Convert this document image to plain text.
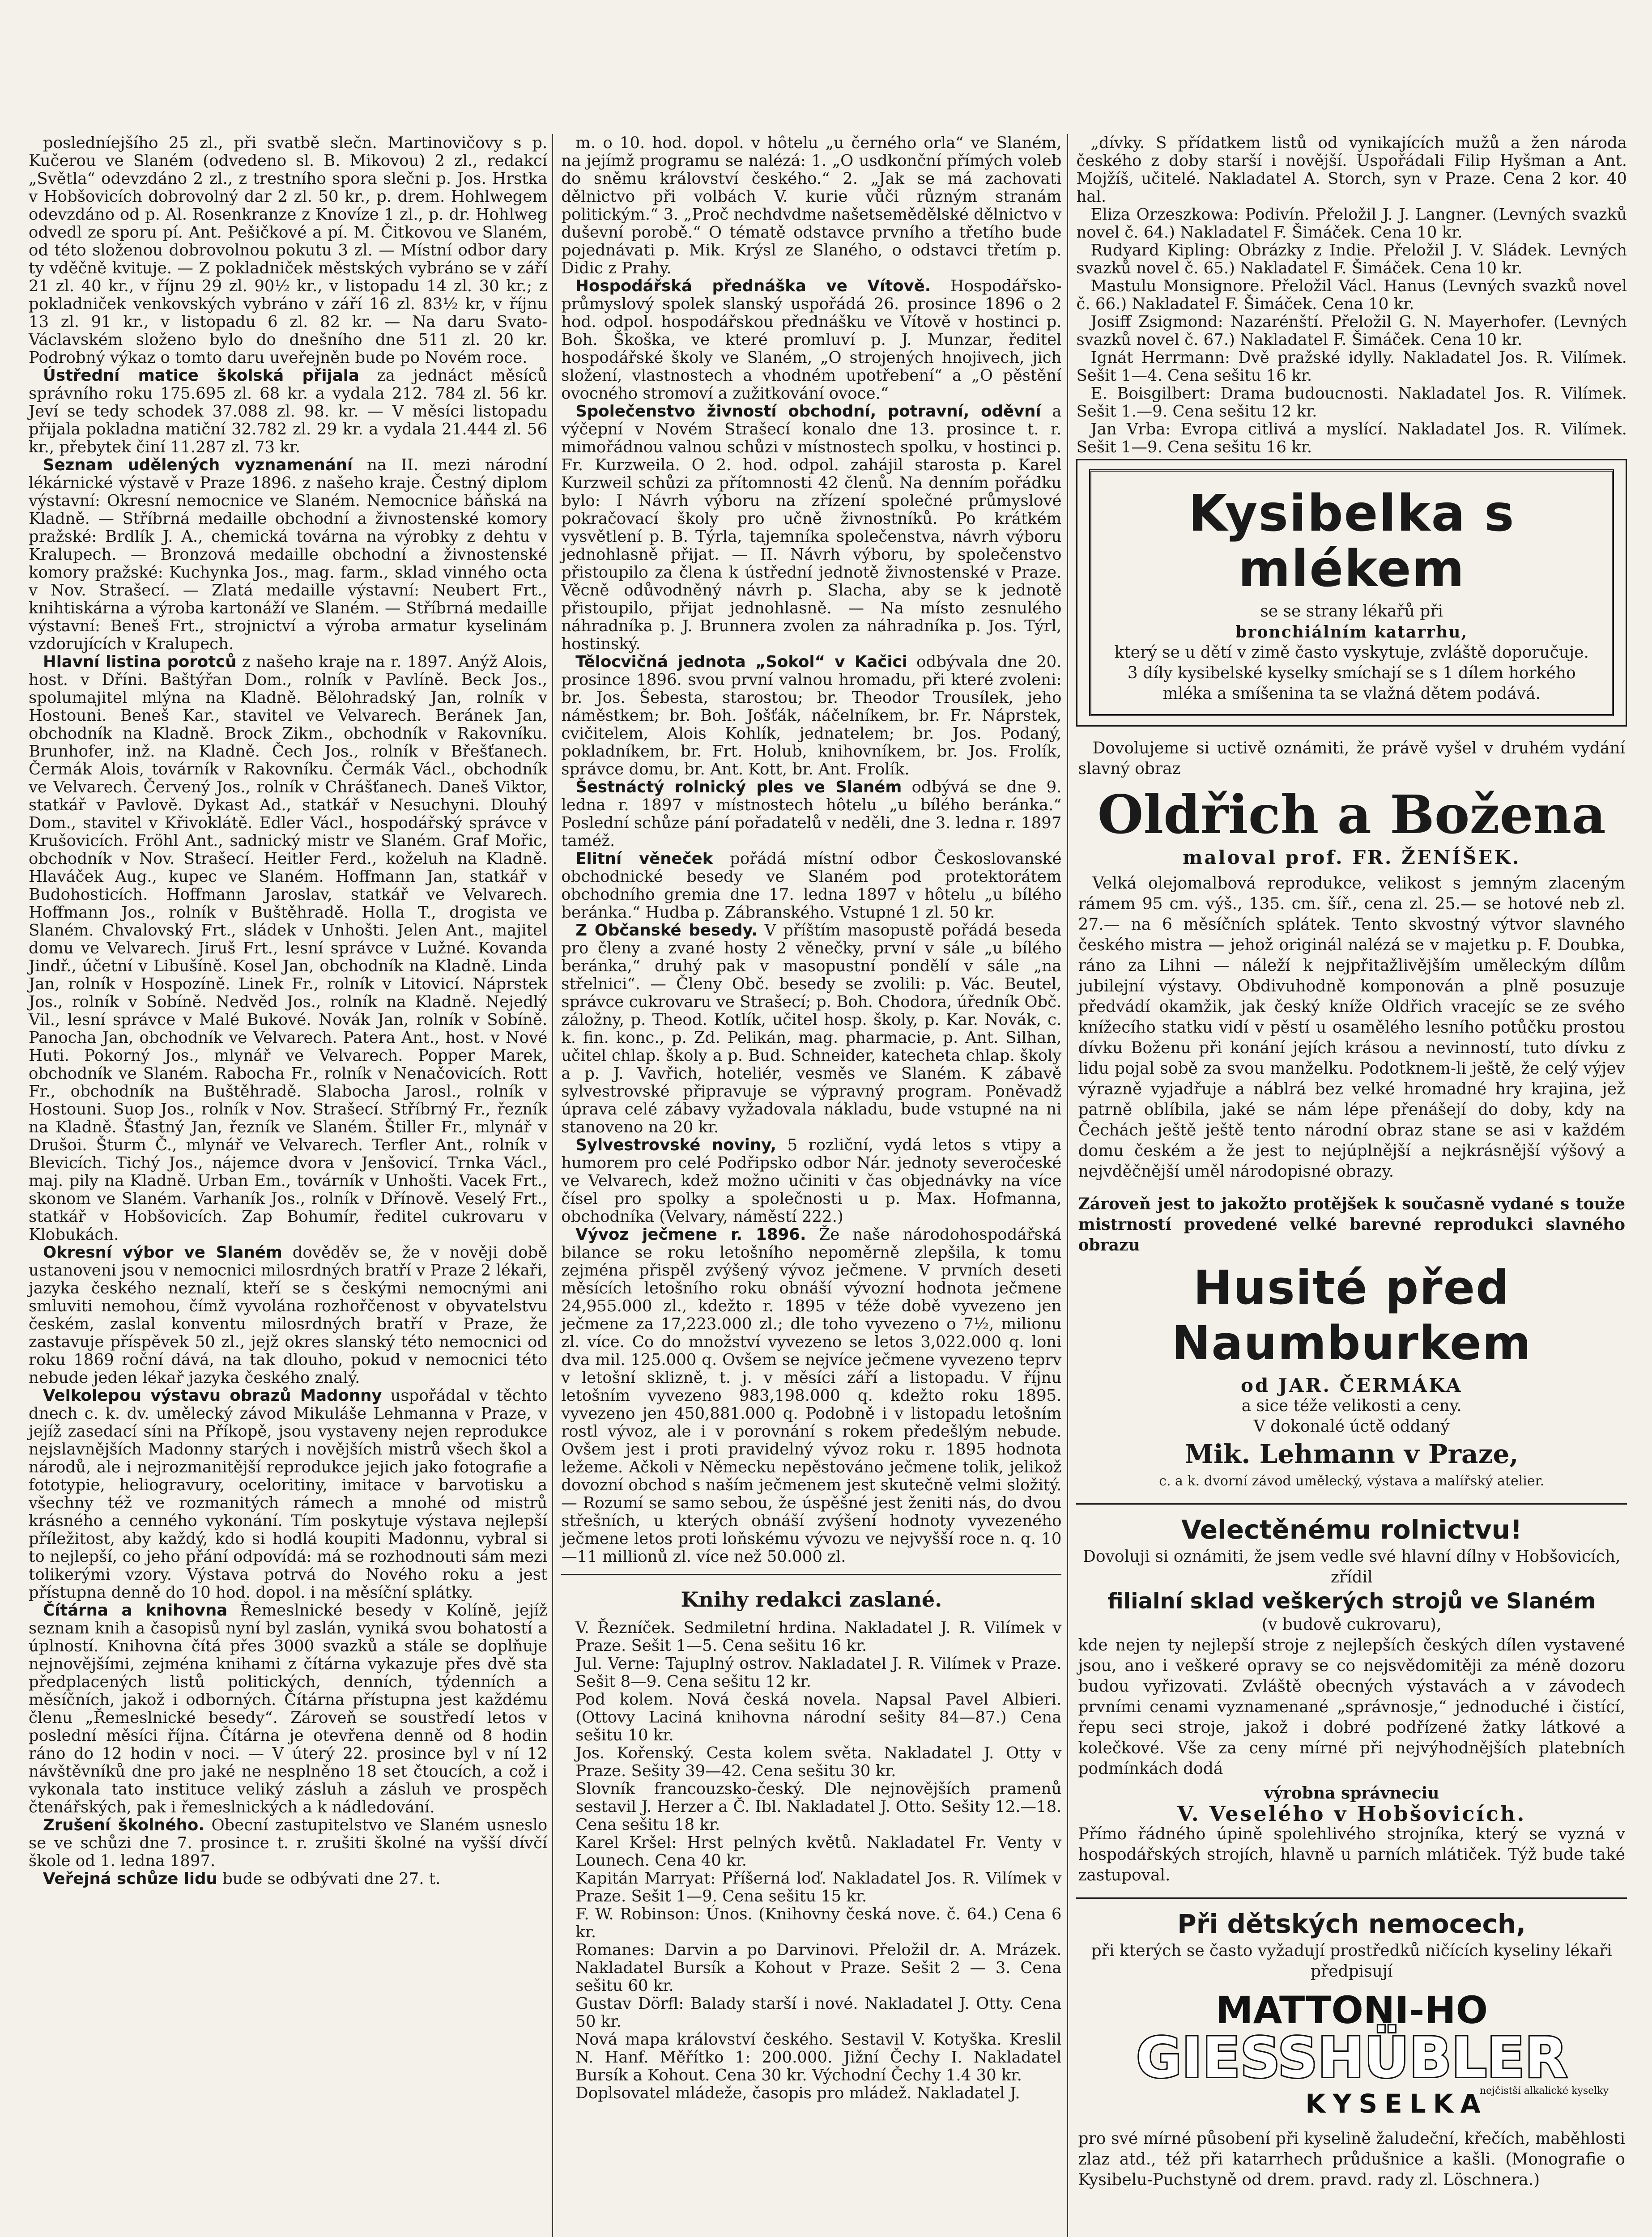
posledníejšího 25 zl., při svatbě slečn. Martinovičovy s p. Kučerou ve Slaném (odvedeno sl. B. Mikovou) 2 zl., redakcí „Světla“ odevzdáno 2 zl., z trestního spora slečni p. Jos. Hrstka v Hobšovicích dobrovolný dar 2 zl. 50 kr., p. drem. Hohlwegem odevzdáno od p. Al. Rosenkranze z Knovíze 1 zl., p. dr. Hohlweg odvedl ze sporu pí. Ant. Pešičkové a pí. M. Čitkovou ve Slaném, od této složenou dobrovolnou pokutu 3 zl. — Místní odbor dary ty vděčně kvituje. — Z pokladniček městských vybráno se v září 21 zl. 40 kr., v říjnu 29 zl. 90½ kr., v listopadu 14 zl. 30 kr.; z pokladniček venkovských vybráno v září 16 zl. 83½ kr, v říjnu 13 zl. 91 kr., v listopadu 6 zl. 82 kr. — Na daru Svato-Václavském složeno bylo do dnešního dne 511 zl. 20 kr. Podrobný výkaz o tomto daru uveřejněn bude po Novém roce.

Ústřední matice školská přijala za jednáct měsíců správního roku 175.695 zl. 68 kr. a vydala 212. 784 zl. 56 kr. Jeví se tedy schodek 37.088 zl. 98. kr. — V měsíci listopadu přijala pokladna matiční 32.782 zl. 29 kr. a vydala 21.444 zl. 56 kr., přebytek činí 11.287 zl. 73 kr.

Seznam udělených vyznamenání na II. mezi národní lékárnické výstavě v Praze 1896. z našeho kraje. Čestný diplom výstavní: Okresní nemocnice ve Slaném. Nemocnice báňská na Kladně. — Stříbrná medaille obchodní a živnostenské komory pražské: Brdlík J. A., chemická továrna na výrobky z dehtu v Kralupech. — Bronzová medaille obchodní a živnostenské komory pražské: Kuchynka Jos., mag. farm., sklad vinného octa v Nov. Strašecí. — Zlatá medaille výstavní: Neubert Frt., knihtiskárna a výroba kartonáží ve Slaném. — Stříbrná medaille výstavní: Beneš Frt., strojnictví a výroba armatur kyselinám vzdorujících v Kralupech.

Hlavní listina porotců z našeho kraje na r. 1897. Anýž Alois, host. v Dříni. Baštýřan Dom., rolník v Pavlíně. Beck Jos., spolumajitel mlýna na Kladně. Bělohradský Jan, rolník v Hostouni. Beneš Kar., stavitel ve Velvarech. Beránek Jan, obchodník na Kladně. Brock Zikm., obchodník v Rakovníku. Brunhofer, inž. na Kladně. Čech Jos., rolník v Břešťanech. Čermák Alois, továrník v Rakovníku. Čermák Václ., obchodník ve Velvarech. Červený Jos., rolník v Chrášťanech. Daneš Viktor, statkář v Pavlově. Dykast Ad., statkář v Nesuchyni. Dlouhý Dom., stavitel v Křivoklátě. Edler Václ., hospodářský správce v Krušovicích. Fröhl Ant., sadnický mistr ve Slaném. Graf Mořic, obchodník v Nov. Strašecí. Heitler Ferd., koželuh na Kladně. Hlaváček Aug., kupec ve Slaném. Hoffmann Jan, statkář v Budohosticích. Hoffmann Jaroslav, statkář ve Velvarech. Hoffmann Jos., rolník v Buštěhradě. Holla T., drogista ve Slaném. Chvalovský Frt., sládek v Unhošti. Jelen Ant., majitel domu ve Velvarech. Jiruš Frt., lesní správce v Lužné. Kovanda Jindř., účetní v Libušíně. Kosel Jan, obchodník na Kladně. Linda Jan, rolník v Hospozíně. Linek Fr., rolník v Litovicí. Náprstek Jos., rolník v Sobíně. Nedvěd Jos., rolník na Kladně. Nejedlý Vil., lesní správce v Malé Bukové. Novák Jan, rolník v Sobíně. Panocha Jan, obchodník ve Velvarech. Patera Ant., host. v Nové Huti. Pokorný Jos., mlynář ve Velvarech. Popper Marek, obchodník ve Slaném. Rabocha Fr., rolník v Nenačovicích. Rott Fr., obchodník na Buštěhradě. Slabocha Jarosl., rolník v Hostouni. Suop Jos., rolník v Nov. Strašecí. Stříbrný Fr., řezník na Kladně. Šťastný Jan, řezník ve Slaném. Štiller Fr., mlynář v Drušoi. Šturm Č., mlynář ve Velvarech. Terfler Ant., rolník v Blevicích. Tichý Jos., nájemce dvora v Jenšovicí. Trnka Václ., maj. pily na Kladně. Urban Em., továrník v Unhošti. Vacek Frt., skonom ve Slaném. Varhaník Jos., rolník v Dřínově. Veselý Frt., statkář v Hobšovicích. Zap Bohumír, ředitel cukrovaru v Klobukách.

Okresní výbor ve Slaném dověděv se, že v nověji době ustanoveni jsou v nemocnici milosrdných bratří v Praze 2 lékaři, jazyka českého neznalí, kteří se s českými nemocnými ani smluviti nemohou, čímž vyvolána rozhořčenost v obyvatelstvu českém, zaslal konventu milosrdných bratří v Praze, že zastavuje příspěvek 50 zl., jejž okres slanský této nemocnici od roku 1869 roční dává, na tak dlouho, pokud v nemocnici této nebude jeden lékař jazyka českého znalý.

Velkolepou výstavu obrazů Madonny uspořádal v těchto dnech c. k. dv. umělecký závod Mikuláše Lehmanna v Praze, v jejíž zasedací síni na Příkopě, jsou vystaveny nejen reprodukce nejslavnějších Madonny starých i novějších mistrů všech škol a národů, ale i nejrozmanitější reprodukce jejich jako fotografie a fototypie, heliogravury, oceloritiny, imitace v barvotisku a všechny též ve rozmanitých rámech a mnohé od mistrů krásného a cenného vykonání. Tím poskytuje výstava nejlepší příležitost, aby každý, kdo si hodlá koupiti Madonnu, vybral si to nejlepší, co jeho přání odpovídá: má se rozhodnouti sám mezi tolikerými vzory. Výstava potrvá do Nového roku a jest přístupna denně do 10 hod. dopol. i na měsíční splátky.

Čítárna a knihovna Řemeslnické besedy v Kolíně, jejíž seznam knih a časopisů nyní byl zaslán, vyniká svou bohatostí a úplností. Knihovna čítá přes 3000 svazků a stále se doplňuje nejnovějšími, zejména knihami z čítárna vykazuje přes dvě sta předplacených listů politických, denních, týdenních a měsíčních, jakož i odborných. Čítárna přístupna jest každému členu „Řemeslnické besedy“. Zároveň se soustředí letos v poslední měsíci října. Čítárna je otevřena denně od 8 hodin ráno do 12 hodin v noci. — V úterý 22. prosince byl v ní 12 návštěvníků dne pro jaké ne nesplněno 18 set čtoucích, a což i vykonala tato instituce veliký zásluh a zásluh ve prospěch čtenářských, pak i řemeslnických a k nádledování.

Zrušení školného. Obecní zastupitelstvo ve Slaném usneslo se ve schůzi dne 7. prosince t. r. zrušiti školné na vyšší dívčí škole od 1. ledna 1897.

Veřejná schůze lidu bude se odbývati dne 27. t.

m. o 10. hod. dopol. v hôtelu „u černého orla“ ve Slaném, na jejímž programu se nalézá: 1. „O usdkonční přímých voleb do sněmu království českého.“ 2. „Jak se má zachovati dělnictvo při volbách V. kurie vůči různým stranám politickým.“ 3. „Proč nechdvdme našetsemědělské dělnictvo v duševní porobě.“ O tématě odstavce prvního a třetího bude pojednávati p. Mik. Krýsl ze Slaného, o odstavci třetím p. Didic z Prahy.

Hospodářská přednáška ve Vítově. Hospodářsko-průmyslový spolek slanský uspořádá 26. prosince 1896 o 2 hod. odpol. hospodářskou přednášku ve Vítově v hostinci p. Boh. Škoška, ve které promluví p. J. Munzar, ředitel hospodářské školy ve Slaném, „O strojených hnojivech, jich složení, vlastnostech a vhodném upotřebení“ a „O pěstění ovocného stromoví a zužitkování ovoce.“

Společenstvo živností obchodní, potravní, oděvní a výčepní v Novém Strašecí konalo dne 13. prosince t. r. mimořádnou valnou schůzi v místnostech spolku, v hostinci p. Fr. Kurzweila. O 2. hod. odpol. zahájil starosta p. Karel Kurzweil schůzi za přítomnosti 42 členů. Na denním pořádku bylo: I Návrh výboru na zřízení společné průmyslové pokračovací školy pro učně živnostníků. Po krátkém vysvětlení p. B. Týrla, tajemníka společenstva, návrh výboru jednohlasně přijat. — II. Návrh výboru, by společenstvo přistoupilo za člena k ústřední jednotě živnostenské v Praze. Věcně odůvodněný návrh p. Slacha, aby se k jednotě přistoupilo, přijat jednohlasně. — Na místo zesnulého náhradníka p. J. Brunnera zvolen za náhradníka p. Jos. Týrl, hostinský.

Tělocvičná jednota „Sokol“ v Kačici odbývala dne 20. prosince 1896. svou první valnou hromadu, při které zvoleni: br. Jos. Šebesta, starostou; br. Theodor Trousílek, jeho náměstkem; br. Boh. Jošťák, náčelníkem, br. Fr. Náprstek, cvičitelem, Alois Kohlík, jednatelem; br. Jos. Podaný, pokladníkem, br. Frt. Holub, knihovníkem, br. Jos. Frolík, správce domu, br. Ant. Kott, br. Ant. Frolík.

Šestnáctý rolnický ples ve Slaném odbývá se dne 9. ledna r. 1897 v místnostech hôtelu „u bílého beránka.“ Poslední schůze pání pořadatelů v neděli, dne 3. ledna r. 1897 taméž.

Elitní věneček pořádá místní odbor Českoslovanské obchodnické besedy ve Slaném pod protektorátem obchodního gremia dne 17. ledna 1897 v hôtelu „u bílého beránka.“ Hudba p. Zábranského. Vstupné 1 zl. 50 kr.

Z Občanské besedy. V příštím masopustě pořádá beseda pro členy a zvané hosty 2 věnečky, první v sále „u bílého beránka,“ druhý pak v masopustní pondělí v sále „na střelnici“. — Členy Obč. besedy se zvolili: p. Vác. Beutel, správce cukrovaru ve Strašecí; p. Boh. Chodora, úředník Obč. záložny, p. Theod. Kotlík, učitel hosp. školy, p. Kar. Novák, c. k. fin. konc., p. Zd. Pelikán, mag. pharmacie, p. Ant. Silhan, učitel chlap. školy a p. Bud. Schneider, katecheta chlap. školy a p. J. Vavřich, hoteliér, vesměs ve Slaném. K zábavě sylvestrovské připravuje se výpravný program. Poněvadž úprava celé zábavy vyžadovala nákladu, bude vstupné na ni stanoveno na 20 kr.

Sylvestrovské noviny, 5 rozliční, vydá letos s vtipy a humorem pro celé Podřipsko odbor Nár. jednoty severočeské ve Velvarech, kdež možno učiniti v čas objednávky na více čísel pro spolky a společnosti u p. Max. Hofmanna, obchodníka (Velvary, náměstí 222.)

Vývoz ječmene r. 1896. Že naše národohospodářská bilance se roku letošního nepoměrně zlepšila, k tomu zejména přispěl zvýšený vývoz ječmene. V prvních deseti měsících letošního roku obnáší vývozní hodnota ječmene 24,955.000 zl., kdežto r. 1895 v téže době vyvezeno jen ječmene za 17,223.000 zl.; dle toho vyvezeno o 7½, milionu zl. více. Co do množství vyvezeno se letos 3,022.000 q. loni dva mil. 125.000 q. Ovšem se nejvíce ječmene vyvezeno teprv v letošní sklizně, t. j. v měsíci září a listopadu. V říjnu letošním vyvezeno 983,198.000 q. kdežto roku 1895. vyvezeno jen 450,881.000 q. Podobně i v listopadu letošním rostl vývoz, ale i v porovnání s rokem předešlým nebude. Ovšem jest i proti pravidelný vývoz roku r. 1895 hodnota ležeme. Ačkoli v Německu nepěstováno ječmene tolik, jelikož dovozní obchod s naším ječmenem jest skutečně velmi složitý. — Rozumí se samo sebou, že úspěšné jest ženiti nás, do dvou střešních, u kterých obnáší zvýšení hodnoty vyvezeného ječmene letos proti loňskému vývozu ve nejvyšší roce n. q. 10—11 millionů zl. více než 50.000 zl.

Knihy redakci zaslané.

V. Řezníček. Sedmiletní hrdina. Nakladatel J. R. Vilímek v Praze. Sešit 1—5. Cena sešitu 16 kr.

Jul. Verne: Tajuplný ostrov. Nakladatel J. R. Vilímek v Praze. Sešit 8—9. Cena sešitu 12 kr.

Pod kolem. Nová česká novela. Napsal Pavel Albieri. (Ottovy Laciná knihovna národní sešity 84—87.) Cena sešitu 10 kr.

Jos. Kořenský. Cesta kolem světa. Nakladatel J. Otty v Praze. Sešity 39—42. Cena sešitu 30 kr.

Slovník francouzsko-český. Dle nejnovějších pramenů sestavil J. Herzer a Č. Ibl. Nakladatel J. Otto. Sešity 12.—18. Cena sešitu 18 kr.

Karel Kršel: Hrst pelných květů. Nakladatel Fr. Venty v Lounech. Cena 40 kr.

Kapitán Marryat: Příšerná loď. Nakladatel Jos. R. Vilímek v Praze. Sešit 1—9. Cena sešitu 15 kr.

F. W. Robinson: Únos. (Knihovny česká nove. č. 64.) Cena 6 kr.

Romanes: Darvin a po Darvinovi. Přeložil dr. A. Mrázek. Nakladatel Bursík a Kohout v Praze. Sešit 2 — 3. Cena sešitu 60 kr.

Gustav Dörfl: Balady starší i nové. Nakladatel J. Otty. Cena 50 kr.

Nová mapa království českého. Sestavil V. Kotyška. Kreslil N. Hanf. Měřítko 1: 200.000. Jižní Čechy I. Nakladatel Bursík a Kohout. Cena 30 kr. Východní Čechy 1.4 30 kr.

Doplsovatel mládeže, časopis pro mládež. Nakladatel J.

„dívky. S přídatkem listů od vynikajících mužů a žen národa českého z doby starší i novější. Uspořádali Filip Hyšman a Ant. Mojžíš, učitelé. Nakladatel A. Storch, syn v Praze. Cena 2 kor. 40 hal.

Eliza Orzeszkowa: Podivín. Přeložil J. J. Langner. (Levných svazků novel č. 64.) Nakladatel F. Šimáček. Cena 10 kr.

Rudyard Kipling: Obrázky z Indie. Přeložil J. V. Sládek. Levných svazků novel č. 65.) Nakladatel F. Šimáček. Cena 10 kr.

Mastulu Monsignore. Přeložil Václ. Hanus (Levných svazků novel č. 66.) Nakladatel F. Šimáček. Cena 10 kr.

Josiff Zsigmond: Nazarénští. Přeložil G. N. Mayerhofer. (Levných svazků novel č. 67.) Nakladatel F. Šimáček. Cena 10 kr.

Ignát Herrmann: Dvě pražské idylly. Nakladatel Jos. R. Vilímek. Sešit 1—4. Cena sešitu 16 kr.

E. Boisgilbert: Drama budoucnosti. Nakladatel Jos. R. Vilímek. Sešit 1.—9. Cena sešitu 12 kr.

Jan Vrba: Evropa citlivá a myslící. Nakladatel Jos. R. Vilímek. Sešit 1—9. Cena sešitu 16 kr.

Kysibelka s mlékem

se se strany lékařů při

bronchiálním katarrhu,

který se u dětí v zimě často vyskytuje, zvláště doporučuje.

3 díly kysibelské kyselky smíchají se s 1 dílem horkého mléka a smíšenina ta se vlažná dětem podává.

Dovolujeme si uctivě oznámiti, že právě vyšel v druhém vydání slavný obraz

Oldřich a Božena
maloval prof. FR. ŽENÍŠEK.

Velká olejomalbová reprodukce, velikost s jemným zlaceným rámem 95 cm. výš., 135. cm. šíř., cena zl. 25.— se hotové neb zl. 27.— na 6 měsíčních splátek. Tento skvostný výtvor slavného českého mistra — jehož originál nalézá se v majetku p. F. Doubka, ráno za Lihni — náleží k nejpřitažlivějším uměleckým dílům jubilejní výstavy. Obdivuhodně komponován a plně posuzuje předvádí okamžik, jak český kníže Oldřich vracejíc se ze svého knížecího statku vidí v pěstí u osamělého lesního potůčku prostou dívku Boženu při konání jejích krásou a nevinností, tuto dívku z lidu pojal sobě za svou manželku. Podotknem-li ještě, že celý výjev výrazně vyjadřuje a náblrá bez velké hromadné hry krajina, jež patrně oblíbila, jaké se nám lépe přenášejí do doby, kdy na Čechách ještě ještě tento národní obraz stane se asi v každém domu českém a že jest to nejúplnější a nejkrásnější výšový a nejvděčnější uměl národopisné obrazy.

Zároveň jest to jakožto protějšek k současně vydané s touže mistrností provedené velké barevné reprodukci slavného obrazu

Husité před Naumburkem
od JAR. ČERMÁKA

a sice téže velikosti a ceny.

V dokonalé úctě oddaný

Mik. Lehmann v Praze,

c. a k. dvorní závod umělecký, výstava a malířský atelier.

Velectěnému rolnictvu!

Dovoluji si oznámiti, že jsem vedle své hlavní dílny v Hobšovicích, zřídil

filialní sklad veškerých strojů ve Slaném

(v budově cukrovaru),

kde nejen ty nejlepší stroje z nejlepších českých dílen vystavené jsou, ano i veškeré opravy se co nejsvědomitěji za méně dozoru budou vyřizovati. Zvláště obecných výstavách a v závodech prvními cenami vyznamenané „správnosje,“ jednoduché i čistící, řepu seci stroje, jakož i dobré podřízené žatky látkové a kolečkové. Vše za ceny mírné při nejvýhodnějších platebních podmínkách dodá

výrobna správneciu

V. Veselého v Hobšovicích.

Přímo řádného úpině spolehlivého strojníka, který se vyzná v hospodářských strojích, hlavně u parních mlátiček. Týž bude také zastupoval.

Při dětských nemocech,

při kterých se často vyžadují prostředků ničících kyseliny lékaři předpisují

MATTONI-HO
GIESSHÜBLER
KYSELKA
nejčistší alkalické kyselky

pro své mírné působení při kyselině žaludeční, křečích, maběhlosti zlaz atd., též při katarrhech průdušnice a kašli. (Monografie o Kysibelu-Puchstyně od drem. pravd. rady zl. Löschnera.)
